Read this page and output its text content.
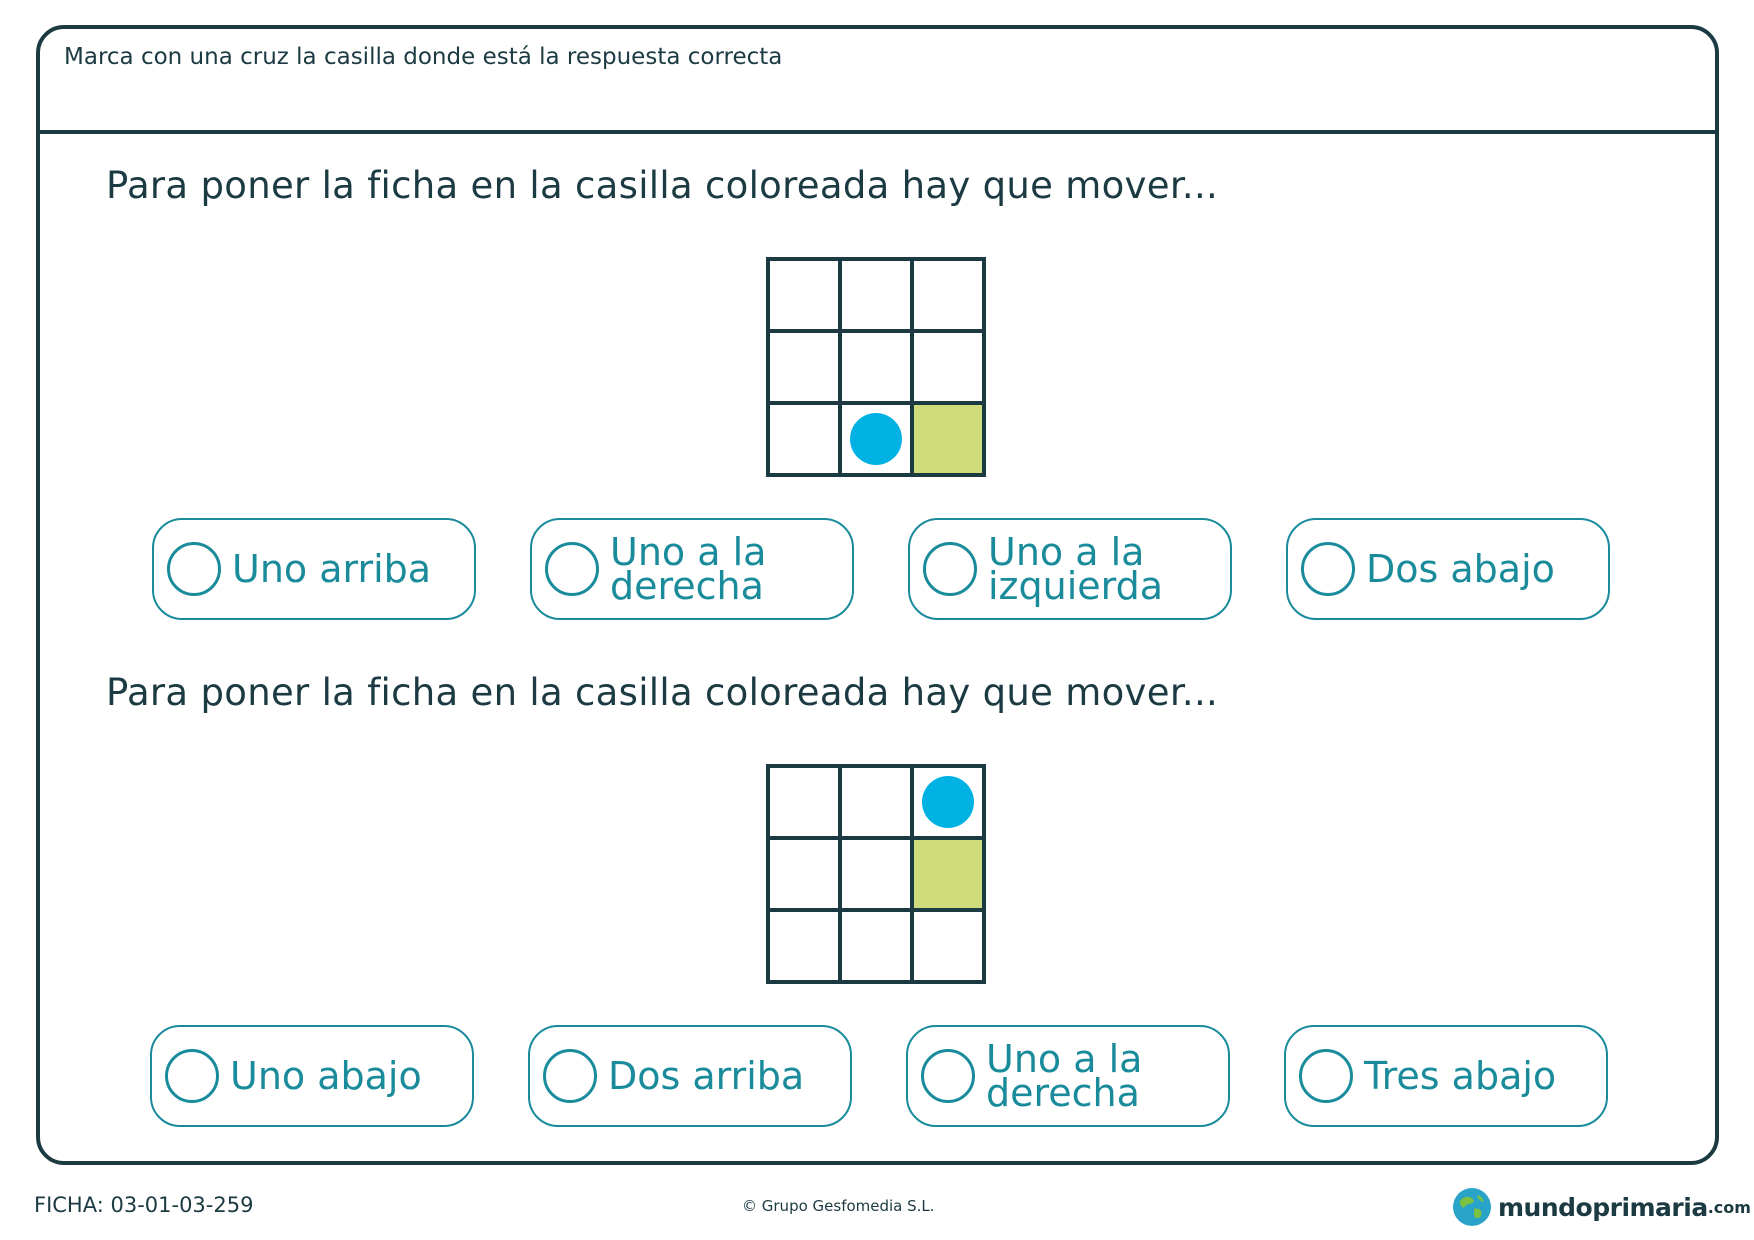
Marca con una cruz la casilla donde está la respuesta correcta
Para poner la ficha en la casilla coloreada hay que mover...
Uno arriba	Uno a la derecha
Uno a la izquierda	Dos abajo
Para poner la ficha en la casilla coloreada hay que mover...
Uno abajo	Dos arriba	Uno a la derecha	Tres abajo
FICHA: 03-01-03-259	© Grupo Gesfomedia S.L.	mundoprimaria .com
